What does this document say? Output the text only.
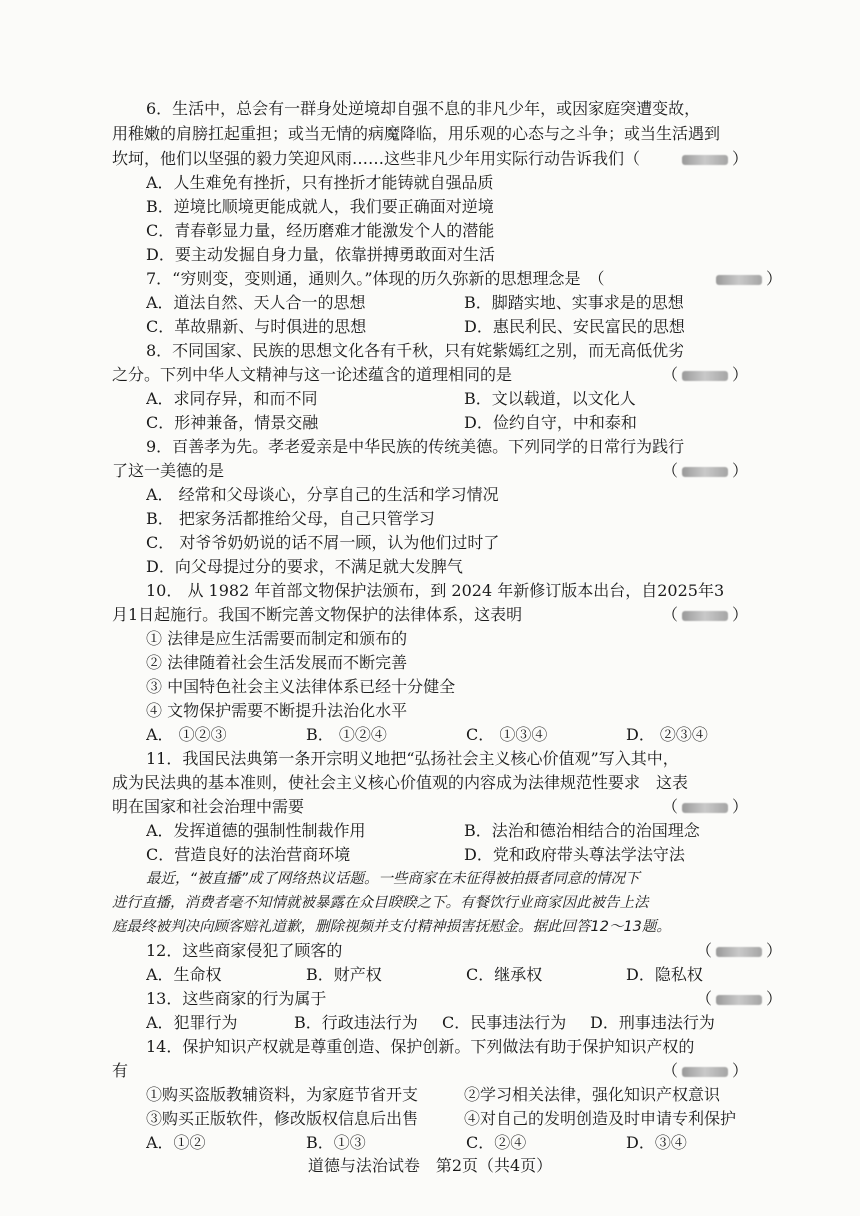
6．生活中，总会有一群身处逆境却自强不息的非凡少年，或因家庭突遭变故，
用稚嫩的肩膀扛起重担；或当无情的病魔降临，用乐观的心态与之斗争；或当生活遇到
坎坷，他们以坚强的毅力笑迎风雨……这些非凡少年用实际行动告诉我们（	）
A．人生难免有挫折，只有挫折才能铸就自强品质
B．逆境比顺境更能成就人，我们要正确面对逆境
C．青春彰显力量，经历磨难才能激发个人的潜能
D．要主动发掘自身力量，依靠拼搏勇敢面对生活
7．“穷则变，变则通，通则久。”体现的历久弥新的思想理念是　（	）
A．道法自然、天人合一的思想	B．脚踏实地、实事求是的思想
C．革故鼎新、与时俱进的思想	D．惠民利民、安民富民的思想
8．不同国家、民族的思想文化各有千秋，只有姹紫嫣红之别，而无高低优劣
之分。下列中华人文精神与这一论述蕴含的道理相同的是	（	）
A．求同存异，和而不同	B．文以载道，以文化人
C．形神兼备，情景交融	D．俭约自守，中和泰和
9．百善孝为先。孝老爱亲是中华民族的传统美德。下列同学的日常行为践行
了这一美德的是	（	）
A． 经常和父母谈心，分享自己的生活和学习情况
B． 把家务活都推给父母，自己只管学习
C． 对爷爷奶奶说的话不屑一顾，认为他们过时了
D．向父母提过分的要求，不满足就大发脾气
10． 从 1982 年首部文物保护法颁布，到 2024 年新修订版本出台，自2025年3
月1日起施行。我国不断完善文物保护的法律体系，这表明	（	）
① 法律是应生活需要而制定和颁布的
② 法律随着社会生活发展而不断完善
③ 中国特色社会主义法律体系已经十分健全
④ 文物保护需要不断提升法治化水平
A． ①②③	B． ①②④	C． ①③④	D． ②③④
11．我国民法典第一条开宗明义地把“弘扬社会主义核心价值观”写入其中，
成为民法典的基本准则，使社会主义核心价值观的内容成为法律规范性要求　这表
明在国家和社会治理中需要	（	）
A．发挥道德的强制性制裁作用	B．法治和德治相结合的治国理念
C．营造良好的法治营商环境	D．党和政府带头尊法学法守法
最近，“被直播”成了网络热议话题。一些商家在未征得被拍摄者同意的情况下
进行直播，消费者毫不知情就被暴露在众目睽睽之下。有餐饮行业商家因此被告上法
庭最终被判决向顾客赔礼道歉，删除视频并支付精神损害抚慰金。据此回答12～13题。
12．这些商家侵犯了顾客的	（	）
A．生命权	B．财产权	C．继承权	D．隐私权
13．这些商家的行为属于	（	）
A．犯罪行为	B．行政违法行为 C．民事违法行为 D．刑事违法行为
14．保护知识产权就是尊重创造、保护创新。下列做法有助于保护知识产权的
有	（	）
①购买盗版教辅资料，为家庭节省开支	②学习相关法律，强化知识产权意识
③购买正版软件，修改版权信息后出售	④对自己的发明创造及时申请专利保护
A．①②	B．①③	C．②④	D．③④
道德与法治试卷　第2页（共4页）
